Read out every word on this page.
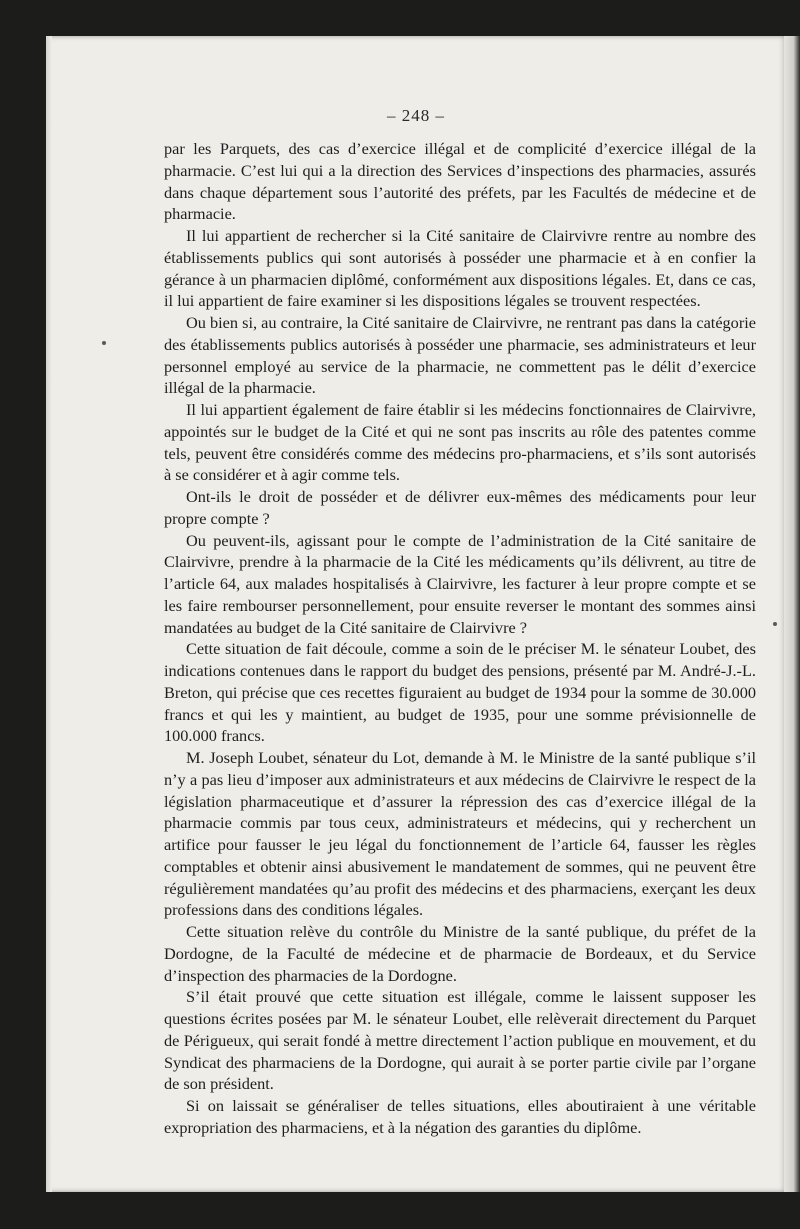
– 248 –

par les Parquets, des cas d’exercice illégal et de complicité d’exercice illégal de la pharmacie. C’est lui qui a la direction des Services d’inspections des pharmacies, assurés dans chaque département sous l’autorité des préfets, par les Facultés de médecine et de pharmacie.

Il lui appartient de rechercher si la Cité sanitaire de Clairvivre rentre au nombre des établissements publics qui sont autorisés à posséder une pharmacie et à en confier la gérance à un pharmacien diplômé, conformément aux dispositions légales. Et, dans ce cas, il lui appartient de faire examiner si les dispositions légales se trouvent respectées.

Ou bien si, au contraire, la Cité sanitaire de Clairvivre, ne rentrant pas dans la catégorie des établissements publics autorisés à posséder une pharmacie, ses administrateurs et leur personnel employé au service de la pharmacie, ne commettent pas le délit d’exercice illégal de la pharmacie.

Il lui appartient également de faire établir si les médecins fonctionnaires de Clairvivre, appointés sur le budget de la Cité et qui ne sont pas inscrits au rôle des patentes comme tels, peuvent être considérés comme des médecins pro-pharmaciens, et s’ils sont autorisés à se considérer et à agir comme tels.

Ont-ils le droit de posséder et de délivrer eux-mêmes des médicaments pour leur propre compte ?

Ou peuvent-ils, agissant pour le compte de l’administration de la Cité sanitaire de Clairvivre, prendre à la pharmacie de la Cité les médicaments qu’ils délivrent, au titre de l’article 64, aux malades hospitalisés à Clairvivre, les facturer à leur propre compte et se les faire rembourser personnellement, pour ensuite reverser le montant des sommes ainsi mandatées au budget de la Cité sanitaire de Clairvivre ?

Cette situation de fait découle, comme a soin de le préciser M. le sénateur Loubet, des indications contenues dans le rapport du budget des pensions, présenté par M. André-J.-L. Breton, qui précise que ces recettes figuraient au budget de 1934 pour la somme de 30.000 francs et qui les y maintient, au budget de 1935, pour une somme prévisionnelle de 100.000 francs.

M. Joseph Loubet, sénateur du Lot, demande à M. le Ministre de la santé publique s’il n’y a pas lieu d’imposer aux administrateurs et aux médecins de Clairvivre le respect de la législation pharmaceutique et d’assurer la répression des cas d’exercice illégal de la pharmacie commis par tous ceux, administrateurs et médecins, qui y recherchent un artifice pour fausser le jeu légal du fonctionnement de l’article 64, fausser les règles comptables et obtenir ainsi abusivement le mandatement de sommes, qui ne peuvent être régulièrement mandatées qu’au profit des médecins et des pharmaciens, exerçant les deux professions dans des conditions légales.

Cette situation relève du contrôle du Ministre de la santé publique, du préfet de la Dordogne, de la Faculté de médecine et de pharmacie de Bordeaux, et du Service d’inspection des pharmacies de la Dordogne.

S’il était prouvé que cette situation est illégale, comme le laissent supposer les questions écrites posées par M. le sénateur Loubet, elle relèverait directement du Parquet de Périgueux, qui serait fondé à mettre directement l’action publique en mouvement, et du Syndicat des pharmaciens de la Dordogne, qui aurait à se porter partie civile par l’organe de son président.

Si on laissait se généraliser de telles situations, elles aboutiraient à une véritable expropriation des pharmaciens, et à la négation des garanties du diplôme.
